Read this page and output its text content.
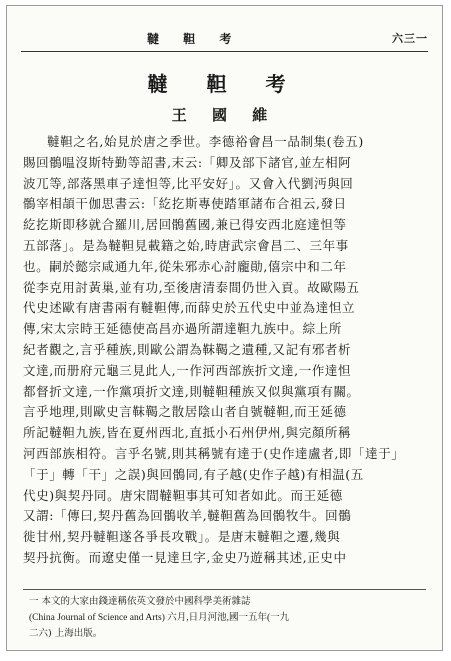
韃 靼 考	六三一
韃 靼 考
王 國 維
韃靼之名,始見於唐之季世。李德裕會昌一品制集(卷五)
賜回鶻嗢沒斯特勤等詔書,末云:「卿及部下諸官,並左相阿
波兀等,部落黑車子達怛等,比平安好」。又會入代劉沔與回
鶻宰相頡干伽思書云:「紇扢斯專使踏軍諸布合祖云,發日
紇扢斯即移就合羅川,居回鶻舊國,兼已得安西北庭達怛等
五部落」。是為韃靼見載籍之始,時唐武宗會昌二、三年事
也。嗣於懿宗咸通九年,從朱邪赤心討龐勛,僖宗中和二年
從李克用討黃巢,並有功,至後唐清泰間仍世入貢。故歐陽五
代史述歐有唐書兩有韃靼傳,而薛史於五代史中並為達怛立
傳,宋太宗時王延德使高昌亦過所謂達靼九族中。綜上所
紀者觀之,言乎種族,則歐公謂為靺鞨之遺種,又記有邪者析
文達,而册府元龜三見此人,一作河西部族折文達,一作達怛
都督折文達,一作黨項折文達,則韃靼種族又似與黨項有關。
言乎地理,則歐史言靺鞨之散居陰山者自號韃靼,而王延德
所記韃靼九族,皆在夏州西北,直抵小石州伊州,與完顏所稱
河西部族相符。言乎名號,則其稱號有達于(史作達盧者,即「達于」
「于」轉「干」之誤)與回鶻同,有子越(史作子越)有相温(五
代史)與契丹同。唐宋間韃靼事其可知者如此。而王延德
又謂:「傳曰,契丹舊為回鶻收羊,韃靼舊為回鶻牧牛。回鶻
徙甘州,契丹韃靼遂各爭長攻戰」。是唐末韃靼之遷,幾與
契丹抗衡。而遼史僅一見達旦字,金史乃遊稱其述,正史中
一 本文的大家由錢達稱依英文發於中國科學美術雜誌
(China Journal of Science and Arts) 六月,日月河池,國一五年(一九
二六) 上海出版。
